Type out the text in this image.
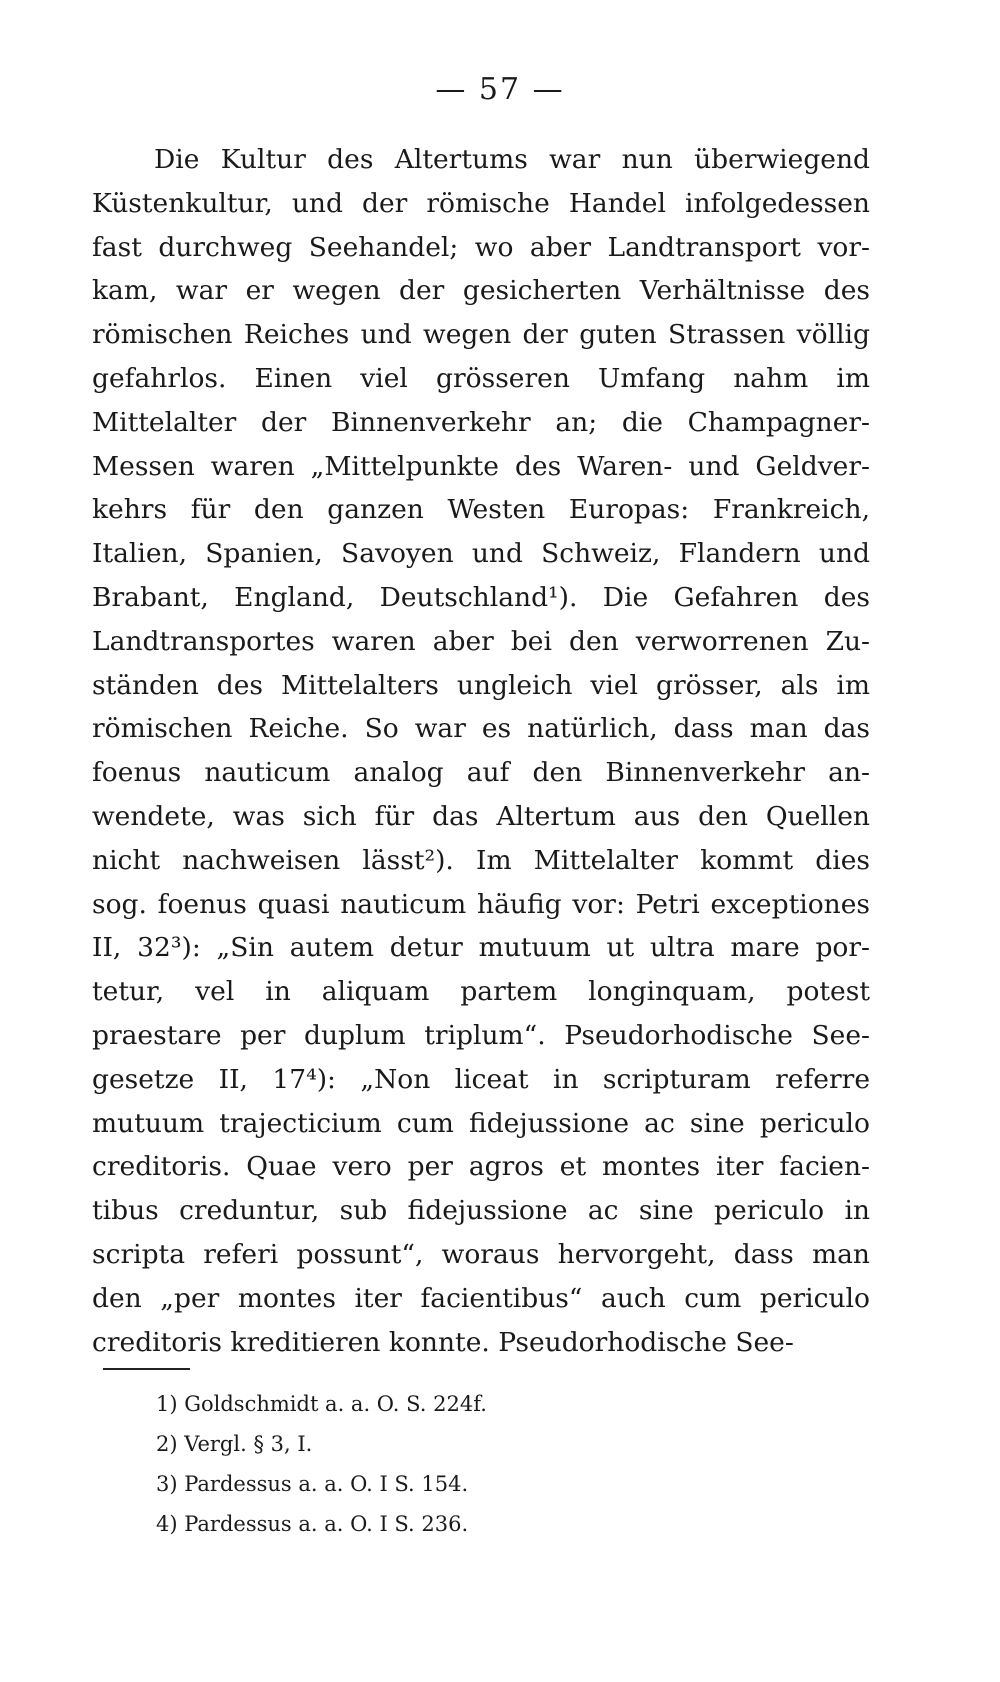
— 57 —
Die Kultur des Altertums war nun überwiegend
Küstenkultur, und der römische Handel infolgedessen
fast durchweg Seehandel; wo aber Landtransport vor-
kam, war er wegen der gesicherten Verhältnisse des
römischen Reiches und wegen der guten Strassen völlig
gefahrlos. Einen viel grösseren Umfang nahm im
Mittelalter der Binnenverkehr an; die Champagner-
Messen waren „Mittelpunkte des Waren- und Geldver-
kehrs für den ganzen Westen Europas: Frankreich,
Italien, Spanien, Savoyen und Schweiz, Flandern und
Brabant, England, Deutschland¹). Die Gefahren des
Landtransportes waren aber bei den verworrenen Zu-
ständen des Mittelalters ungleich viel grösser, als im
römischen Reiche. So war es natürlich, dass man das
foenus nauticum analog auf den Binnenverkehr an-
wendete, was sich für das Altertum aus den Quellen
nicht nachweisen lässt²). Im Mittelalter kommt dies
sog. foenus quasi nauticum häufig vor: Petri exceptiones
II, 32³): „Sin autem detur mutuum ut ultra mare por-
tetur, vel in aliquam partem longinquam, potest
praestare per duplum triplum“. Pseudorhodische See-
gesetze II, 17⁴): „Non liceat in scripturam referre
mutuum trajecticium cum fidejussione ac sine periculo
creditoris. Quae vero per agros et montes iter facien-
tibus creduntur, sub fidejussione ac sine periculo in
scripta referi possunt“, woraus hervorgeht, dass man
den „per montes iter facientibus“ auch cum periculo
creditoris kreditieren konnte. Pseudorhodische See-
1) Goldschmidt a. a. O. S. 224f.
2) Vergl. § 3, I.
3) Pardessus a. a. O. I S. 154.
4) Pardessus a. a. O. I S. 236.
